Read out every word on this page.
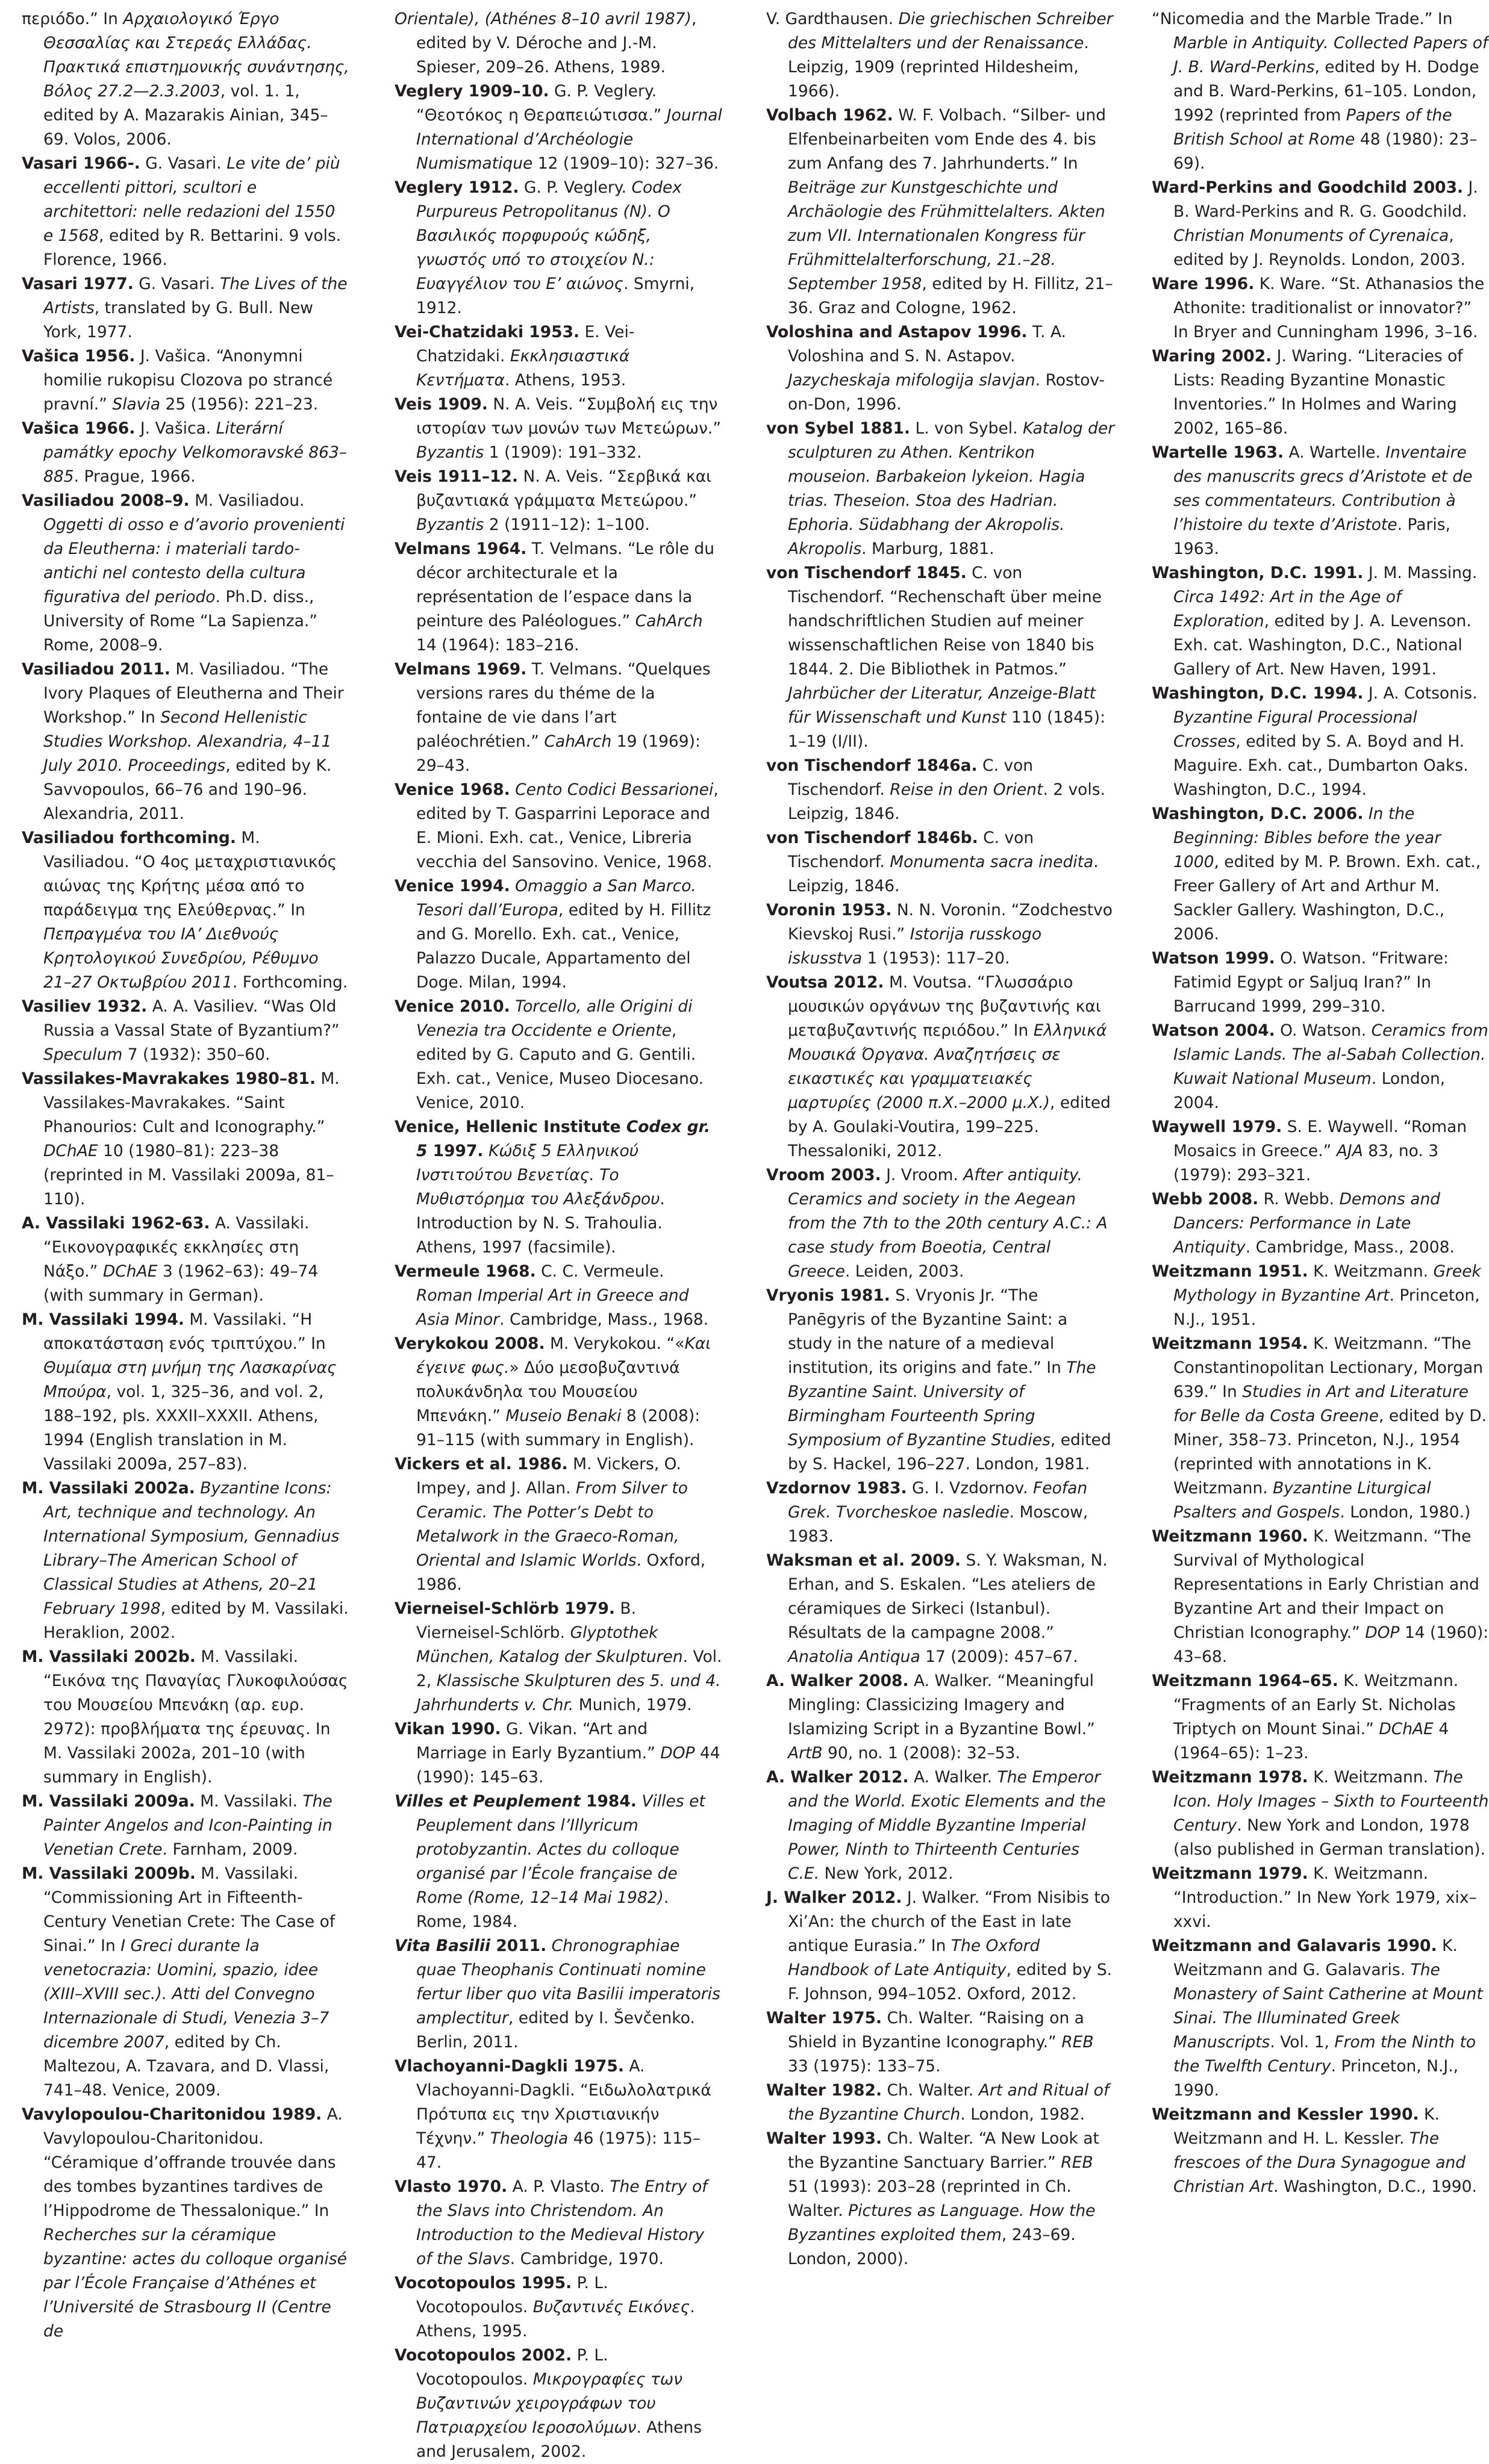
περιόδο.” In Αρχαιολογικό Έργο Θεσσαλίας και Στερεάς Ελλάδας. Πρακτικά επιστημονικής συνάντησης, Βόλος 27.2—2.3.2003, vol. 1. 1, edited by A. Mazarakis Ainian, 345–69. Volos, 2006.

Vasari 1966-. G. Vasari. Le vite de’ più eccellenti pittori, scultori e architettori: nelle redazioni del 1550 e 1568, edited by R. Bettarini. 9 vols. Florence, 1966.

Vasari 1977. G. Vasari. The Lives of the Artists, translated by G. Bull. New York, 1977.

Vašica 1956. J. Vašica. “Anonymni homilie rukopisu Clozova po strancé pravní.” Slavia 25 (1956): 221–23.

Vašica 1966. J. Vašica. Literární památky epochy Velkomoravské 863–885. Prague, 1966.

Vasiliadou 2008–9. M. Vasiliadou. Oggetti di osso e d’avorio provenienti da Eleutherna: i materiali tardo-antichi nel contesto della cultura figurativa del periodo. Ph.D. diss., University of Rome “La Sapienza.” Rome, 2008–9.

Vasiliadou 2011. M. Vasiliadou. “The Ivory Plaques of Eleutherna and Their Workshop.” In Second Hellenistic Studies Workshop. Alexandria, 4–11 July 2010. Proceedings, edited by K. Savvopoulos, 66–76 and 190–96. Alexandria, 2011.

Vasiliadou forthcoming. M. Vasiliadou. “Ο 4ος μεταχριστιανικός αιώνας της Κρήτης μέσα από το παράδειγμα της Ελεύθερνας.” In Πεπραγμένα του ΙΑ’ Διεθνούς Κρητολογικού Συνεδρίου, Ρέθυμνο 21–27 Οκτωβρίου 2011. Forthcoming.

Vasiliev 1932. A. A. Vasiliev. “Was Old Russia a Vassal State of Byzantium?” Speculum 7 (1932): 350–60.

Vassilakes-Mavrakakes 1980–81. M. Vassilakes-Mavrakakes. “Saint Phanourios: Cult and Iconography.” DChAE 10 (1980–81): 223–38 (reprinted in M. Vassilaki 2009a, 81–110).

A. Vassilaki 1962-63. A. Vassilaki. “Εικονογραφικές εκκλησίες στη Νάξο.” DChAE 3 (1962–63): 49–74 (with summary in German).

M. Vassilaki 1994. M. Vassilaki. “Η αποκατάσταση ενός τριπτύχου.” In Θυμίαμα στη μνήμη της Λασκαρίνας Μπούρα, vol. 1, 325–36, and vol. 2, 188–192, pls. XXXII–XXXII. Athens, 1994 (English translation in M. Vassilaki 2009a, 257–83).

M. Vassilaki 2002a. Byzantine Icons: Art, technique and technology. An International Symposium, Gennadius Library–The American School of Classical Studies at Athens, 20–21 February 1998, edited by M. Vassilaki. Heraklion, 2002.

M. Vassilaki 2002b. M. Vassilaki. “Εικόνα της Παναγίας Γλυκοφιλούσας του Μουσείου Μπενάκη (αρ. ευρ. 2972): προβλήματα της έρευνας. In M. Vassilaki 2002a, 201–10 (with summary in English).

M. Vassilaki 2009a. M. Vassilaki. The Painter Angelos and Icon-Painting in Venetian Crete. Farnham, 2009.

M. Vassilaki 2009b. M. Vassilaki. “Commissioning Art in Fifteenth-Century Venetian Crete: The Case of Sinai.” In I Greci durante la venetocrazia: Uomini, spazio, idee (XIII–XVIII sec.). Atti del Convegno Internazionale di Studi, Venezia 3–7 dicembre 2007, edited by Ch. Maltezou, A. Tzavara, and D. Vlassi, 741–48. Venice, 2009.

Vavylopoulou-Charitonidou 1989. A. Vavylopoulou-Charitonidou. “Céramique d’offrande trouvée dans des tombes byzantines tardives de l’Hippodrome de Thessalonique.” In Recherches sur la céramique byzantine: actes du colloque organisé par l’École Française d’Athénes et l’Université de Strasbourg II (Centre de

Orientale), (Athénes 8–10 avril 1987), edited by V. Déroche and J.-M. Spieser, 209–26. Athens, 1989.

Veglery 1909–10. G. P. Veglery. “Θεοτόκος η Θεραπειώτισσα.” Journal International d’Archéologie Numismatique 12 (1909–10): 327–36.

Veglery 1912. G. P. Veglery. Codex Purpureus Petropolitanus (N). Ο Βασιλικός πορφυρούς κώδηξ, γνωστός υπό το στοιχείον N.: Ευαγγέλιον του Ε’ αιώνος. Smyrni, 1912.

Vei-Chatzidaki 1953. E. Vei-Chatzidaki. Εκκλησιαστικά Κεντήματα. Athens, 1953.

Veis 1909. N. A. Veis. “Συμβολή εις την ιστορίαν των μονών των Μετεώρων.” Byzantis 1 (1909): 191–332.

Veis 1911–12. N. A. Veis. “Σερβικά και βυζαντιακά γράμματα Μετεώρου.” Byzantis 2 (1911–12): 1–100.

Velmans 1964. T. Velmans. “Le rôle du décor architecturale et la représentation de l’espace dans la peinture des Paléologues.” CahArch 14 (1964): 183–216.

Velmans 1969. T. Velmans. “Quelques versions rares du théme de la fontaine de vie dans l’art paléochrétien.” CahArch 19 (1969): 29–43.

Venice 1968. Cento Codici Bessarionei, edited by T. Gasparrini Leporace and E. Mioni. Exh. cat., Venice, Libreria vecchia del Sansovino. Venice, 1968.

Venice 1994. Omaggio a San Marco. Tesori dall’Europa, edited by H. Fillitz and G. Morello. Exh. cat., Venice, Palazzo Ducale, Appartamento del Doge. Milan, 1994.

Venice 2010. Torcello, alle Origini di Venezia tra Occidente e Oriente, edited by G. Caputo and G. Gentili. Exh. cat., Venice, Museo Diocesano. Venice, 2010.

Venice, Hellenic Institute Codex gr. 5 1997. Κώδιξ 5 Ελληνικού Ινστιτούτου Βενετίας. Το Μυθιστόρημα του Αλεξάνδρου. Introduction by N. S. Trahoulia. Athens, 1997 (facsimile).

Vermeule 1968. C. C. Vermeule. Roman Imperial Art in Greece and Asia Minor. Cambridge, Mass., 1968.

Verykokou 2008. M. Verykokou. “«Και έγεινε φως.» Δύο μεσοβυζαντινά πολυκάνδηλα του Μουσείου Μπενάκη.” Museio Benaki 8 (2008): 91–115 (with summary in English).

Vickers et al. 1986. M. Vickers, O. Impey, and J. Allan. From Silver to Ceramic. The Potter’s Debt to Metalwork in the Graeco-Roman, Oriental and Islamic Worlds. Oxford, 1986.

Vierneisel-Schlörb 1979. B. Vierneisel-Schlörb. Glyptothek München, Katalog der Skulpturen. Vol. 2, Klassische Skulpturen des 5. und 4. Jahrhunderts v. Chr. Munich, 1979.

Vikan 1990. G. Vikan. “Art and Marriage in Early Byzantium.” DOP 44 (1990): 145–63.

Villes et Peuplement 1984. Villes et Peuplement dans l’Illyricum protobyzantin. Actes du colloque organisé par l’École française de Rome (Rome, 12–14 Mai 1982). Rome, 1984.

Vita Basilii 2011. Chronographiae quae Theophanis Continuati nomine fertur liber quo vita Basilii imperatoris amplectitur, edited by I. Ševčenko. Berlin, 2011.

Vlachoyanni-Dagkli 1975. A. Vlachoyanni-Dagkli. “Ειδωλολατρικά Πρότυπα εις την Χριστιανικήν Τέχνην.” Theologia 46 (1975): 115–47.

Vlasto 1970. A. P. Vlasto. The Entry of the Slavs into Christendom. An Introduction to the Medieval History of the Slavs. Cambridge, 1970.

Vocotopoulos 1995. P. L. Vocotopoulos. Βυζαντινές Εικόνες. Athens, 1995.

Vocotopoulos 2002. P. L. Vocotopoulos. Μικρογραφίες των Βυζαντινών χειρογράφων του Πατριαρχείου Ιεροσολύμων. Athens and Jerusalem, 2002.

V. Gardthausen. Die griechischen Schreiber des Mittelalters und der Renaissance. Leipzig, 1909 (reprinted Hildesheim, 1966).

Volbach 1962. W. F. Volbach. “Silber- und Elfenbeinarbeiten vom Ende des 4. bis zum Anfang des 7. Jahrhunderts.” In Beiträge zur Kunstgeschichte und Archäologie des Frühmittelalters. Akten zum VII. Internationalen Kongress für Frühmittelalterforschung, 21.–28. September 1958, edited by H. Fillitz, 21–36. Graz and Cologne, 1962.

Voloshina and Astapov 1996. T. A. Voloshina and S. N. Astapov. Jazycheskaja mifologija slavjan. Rostov-on-Don, 1996.

von Sybel 1881. L. von Sybel. Katalog der sculpturen zu Athen. Kentrikon mouseion. Barbakeion lykeion. Hagia trias. Theseion. Stoa des Hadrian. Ephoria. Südabhang der Akropolis. Akropolis. Marburg, 1881.

von Tischendorf 1845. C. von Tischendorf. “Rechenschaft über meine handschriftlichen Studien auf meiner wissenschaftlichen Reise von 1840 bis 1844. 2. Die Bibliothek in Patmos.” Jahrbücher der Literatur, Anzeige-Blatt für Wissenschaft und Kunst 110 (1845): 1–19 (I/II).

von Tischendorf 1846a. C. von Tischendorf. Reise in den Orient. 2 vols. Leipzig, 1846.

von Tischendorf 1846b. C. von Tischendorf. Monumenta sacra inedita. Leipzig, 1846.

Voronin 1953. N. N. Voronin. “Zodchestvo Kievskoj Rusi.” Istorija russkogo iskusstva 1 (1953): 117–20.

Voutsa 2012. M. Voutsa. “Γλωσσάριο μουσικών οργάνων της βυζαντινής και μεταβυζαντινής περιόδου.” In Ελληνικά Μουσικά Όργανα. Αναζητήσεις σε εικαστικές και γραμματειακές μαρτυρίες (2000 π.Χ.–2000 μ.Χ.), edited by A. Goulaki-Voutira, 199–225. Thessaloniki, 2012.

Vroom 2003. J. Vroom. After antiquity. Ceramics and society in the Aegean from the 7th to the 20th century A.C.: A case study from Boeotia, Central Greece. Leiden, 2003.

Vryonis 1981. S. Vryonis Jr. “The Panēgyris of the Byzantine Saint: a study in the nature of a medieval institution, its origins and fate.” In The Byzantine Saint. University of Birmingham Fourteenth Spring Symposium of Byzantine Studies, edited by S. Hackel, 196–227. London, 1981.

Vzdornov 1983. G. I. Vzdornov. Feofan Grek. Tvorcheskoe nasledie. Moscow, 1983.

Waksman et al. 2009. S. Y. Waksman, N. Erhan, and S. Eskalen. “Les ateliers de céramiques de Sirkeci (Istanbul). Résultats de la campagne 2008.” Anatolia Antiqua 17 (2009): 457–67.

A. Walker 2008. A. Walker. “Meaningful Mingling: Classicizing Imagery and Islamizing Script in a Byzantine Bowl.” ArtB 90, no. 1 (2008): 32–53.

A. Walker 2012. A. Walker. The Emperor and the World. Exotic Elements and the Imaging of Middle Byzantine Imperial Power, Ninth to Thirteenth Centuries C.E. New York, 2012.

J. Walker 2012. J. Walker. “From Nisibis to Xi’An: the church of the East in late antique Eurasia.” In The Oxford Handbook of Late Antiquity, edited by S. F. Johnson, 994–1052. Oxford, 2012.

Walter 1975. Ch. Walter. “Raising on a Shield in Byzantine Iconography.” REB 33 (1975): 133–75.

Walter 1982. Ch. Walter. Art and Ritual of the Byzantine Church. London, 1982.

Walter 1993. Ch. Walter. “A New Look at the Byzantine Sanctuary Barrier.” REB 51 (1993): 203–28 (reprinted in Ch. Walter. Pictures as Language. How the Byzantines exploited them, 243–69. London, 2000).

“Nicomedia and the Marble Trade.” In Marble in Antiquity. Collected Papers of J. B. Ward-Perkins, edited by H. Dodge and B. Ward-Perkins, 61–105. London, 1992 (reprinted from Papers of the British School at Rome 48 (1980): 23–69).

Ward-Perkins and Goodchild 2003. J. B. Ward-Perkins and R. G. Goodchild. Christian Monuments of Cyrenaica, edited by J. Reynolds. London, 2003.

Ware 1996. K. Ware. “St. Athanasios the Athonite: traditionalist or innovator?” In Bryer and Cunningham 1996, 3–16.

Waring 2002. J. Waring. “Literacies of Lists: Reading Byzantine Monastic Inventories.” In Holmes and Waring 2002, 165–86.

Wartelle 1963. A. Wartelle. Inventaire des manuscrits grecs d’Aristote et de ses commentateurs. Contribution à l’histoire du texte d’Aristote. Paris, 1963.

Washington, D.C. 1991. J. M. Massing. Circa 1492: Art in the Age of Exploration, edited by J. A. Levenson. Exh. cat. Washington, D.C., National Gallery of Art. New Haven, 1991.

Washington, D.C. 1994. J. A. Cotsonis. Byzantine Figural Processional Crosses, edited by S. A. Boyd and H. Maguire. Exh. cat., Dumbarton Oaks. Washington, D.C., 1994.

Washington, D.C. 2006. In the Beginning: Bibles before the year 1000, edited by M. P. Brown. Exh. cat., Freer Gallery of Art and Arthur M. Sackler Gallery. Washington, D.C., 2006.

Watson 1999. O. Watson. “Fritware: Fatimid Egypt or Saljuq Iran?” In Barrucand 1999, 299–310.

Watson 2004. O. Watson. Ceramics from Islamic Lands. The al-Sabah Collection. Kuwait National Museum. London, 2004.

Waywell 1979. S. E. Waywell. “Roman Mosaics in Greece.” AJA 83, no. 3 (1979): 293–321.

Webb 2008. R. Webb. Demons and Dancers: Performance in Late Antiquity. Cambridge, Mass., 2008.

Weitzmann 1951. K. Weitzmann. Greek Mythology in Byzantine Art. Princeton, N.J., 1951.

Weitzmann 1954. K. Weitzmann. “The Constantinopolitan Lectionary, Morgan 639.” In Studies in Art and Literature for Belle da Costa Greene, edited by D. Miner, 358–73. Princeton, N.J., 1954 (reprinted with annotations in K. Weitzmann. Byzantine Liturgical Psalters and Gospels. London, 1980.)

Weitzmann 1960. K. Weitzmann. “The Survival of Mythological Representations in Early Christian and Byzantine Art and their Impact on Christian Iconography.” DOP 14 (1960): 43–68.

Weitzmann 1964–65. K. Weitzmann. “Fragments of an Early St. Nicholas Triptych on Mount Sinai.” DChAE 4 (1964–65): 1–23.

Weitzmann 1978. K. Weitzmann. The Icon. Holy Images – Sixth to Fourteenth Century. New York and London, 1978 (also published in German translation).

Weitzmann 1979. K. Weitzmann. “Introduction.” In New York 1979, xix–xxvi.

Weitzmann and Galavaris 1990. K. Weitzmann and G. Galavaris. The Monastery of Saint Catherine at Mount Sinai. The Illuminated Greek Manuscripts. Vol. 1, From the Ninth to the Twelfth Century. Princeton, N.J., 1990.

Weitzmann and Kessler 1990. K. Weitzmann and H. L. Kessler. The frescoes of the Dura Synagogue and Christian Art. Washington, D.C., 1990.
